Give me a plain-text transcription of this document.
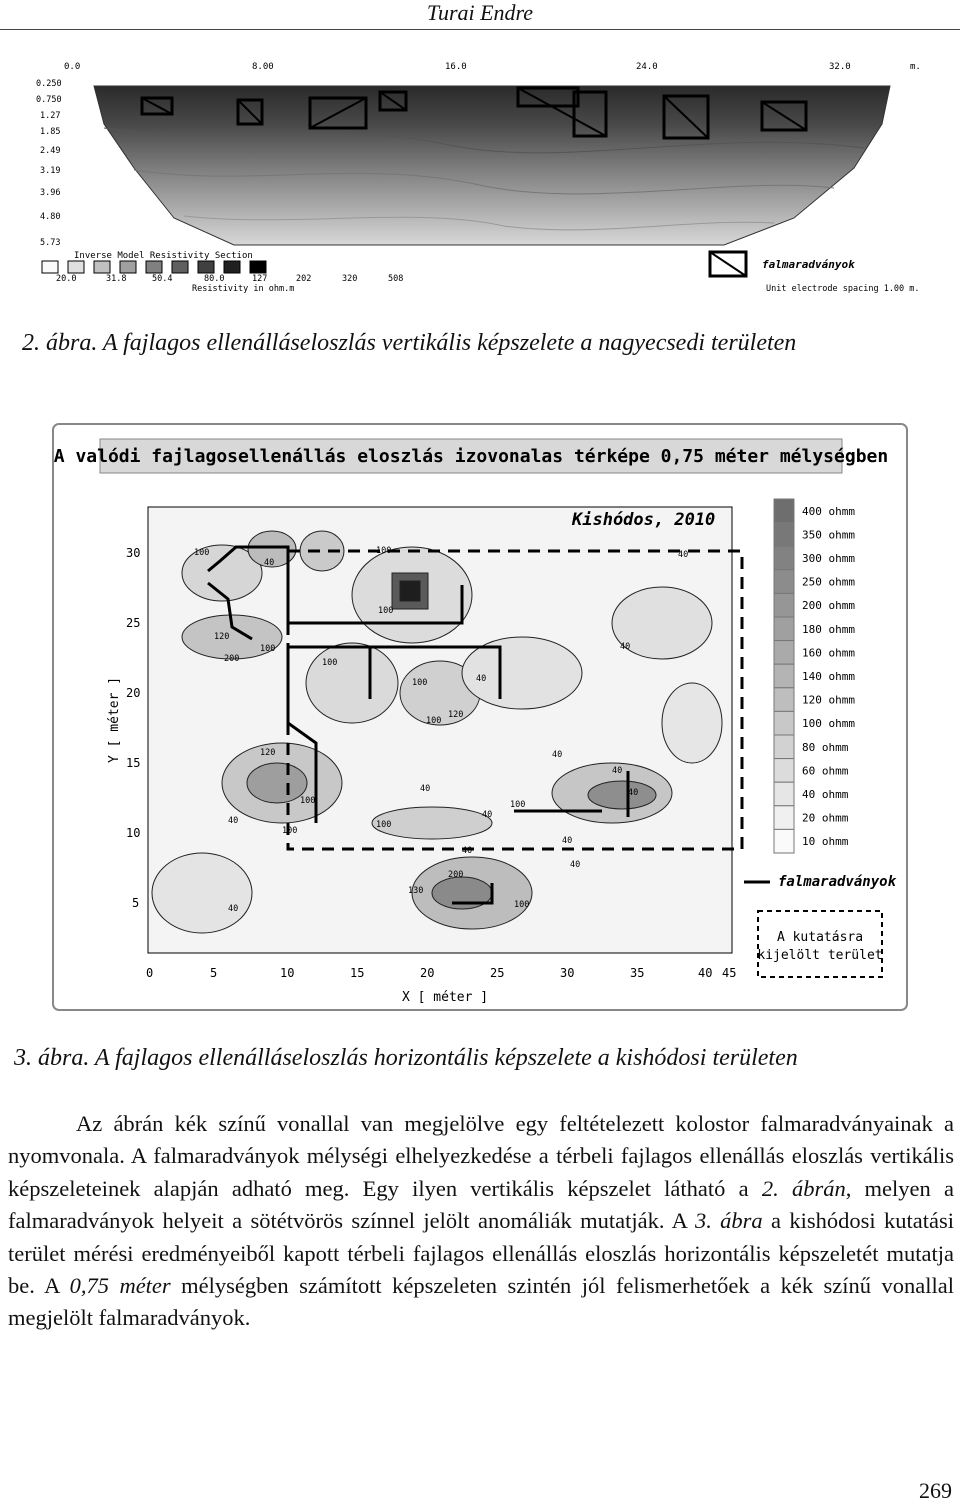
Turai Endre
0.0	8.00	16.0	24.0	32.0	m.
0.250
0.750
1.27
1.85
2.49
3.19
3.96
4.80
5.73
Inverse Model Resistivity Section
20.0	31.8	50.4	80.0	127	202	320	508
Resistivity in ohm.m
falmaradványok
Unit electrode spacing 1.00 m.
2. ábra. A fajlagos ellenálláseloszlás vertikális képszelete a nagyecsedi területen
A valódi fajlagosellenállás eloszlás izovonalas térképe 0,75 méter mélységben
100
40
100	40
100
40
100
120
200
100
100	40
100
120
40
40
120
100
40
40
100
100
40
40
40
40
100
40
130
200
100
40
Kishódos, 2010
5
10
15
20
25
30
Y [ méter ]
0	5	10	15	20	25	30	35	40 45
X [ méter ]
400 ohmm
350 ohmm
300 ohmm
250 ohmm
200 ohmm
180 ohmm
160 ohmm
140 ohmm
120 ohmm
100 ohmm
80 ohmm
60 ohmm
40 ohmm
20 ohmm
10 ohmm
falmaradványok
A kutatásra
kijelölt terület
3. ábra. A fajlagos ellenálláseloszlás horizontális képszelete a kishódosi területen

Az ábrán kék színű vonallal van megjelölve egy feltételezett kolostor falmaradványainak a nyomvonala. A falmaradványok mélységi elhelyezkedése a térbeli fajlagos ellenállás eloszlás vertikális képszeleteinek alapján adható meg. Egy ilyen vertikális képszelet látható a 2. ábrán, melyen a falmaradványok helyeit a sötétvörös színnel jelölt anomáliák mutatják. A 3. ábra a kishódosi kutatási terület mérési eredményeiből kapott térbeli fajlagos ellenállás eloszlás horizontális képszeletét mutatja be. A 0,75 méter mélységben számított képszeleten szintén jól felismerhetőek a kék színű vonallal megjelölt falmaradványok.

269
